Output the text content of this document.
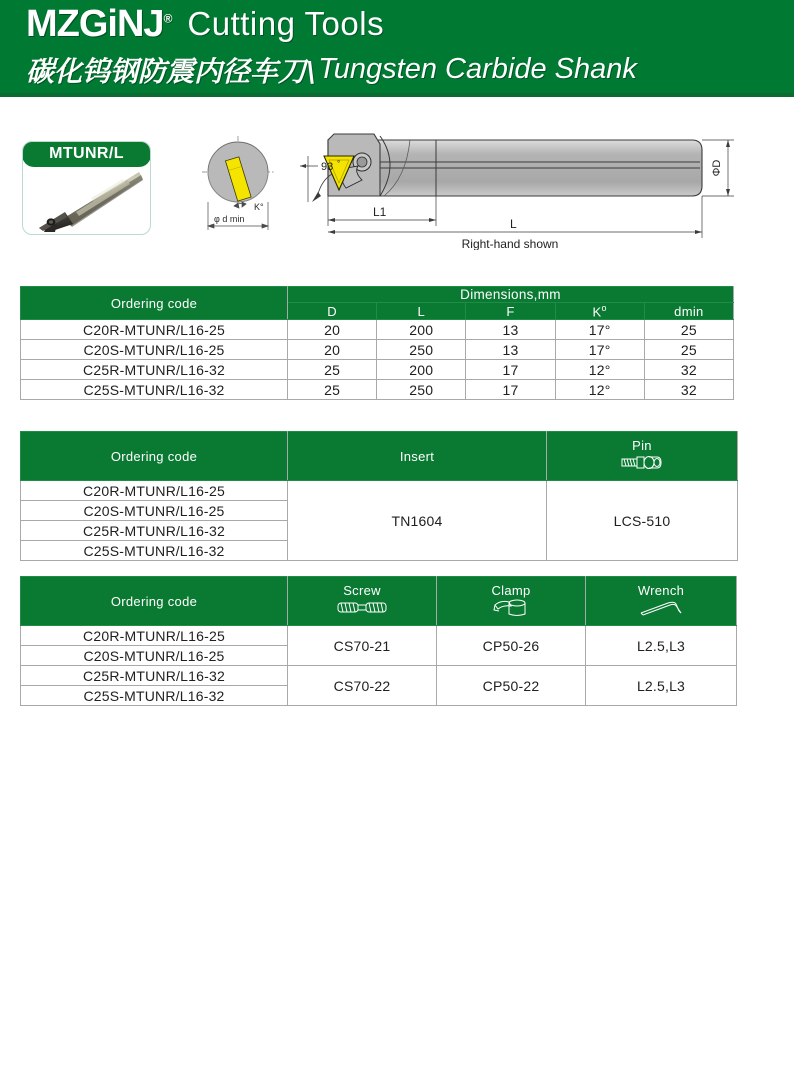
MZGiNJ® Cutting Tools
碳化钨钢防震内径车刀\ Tungsten Carbide Shank
MTUNR/L
K°
φ d min
93 °
L1
L
ΦD
Right-hand shown
Ordering code	Dimensions,mm				
	D	L	F	$K^o$	dmin
C20R-MTUNR/L16-25	20	200	13	17°	25
C20S-MTUNR/L16-25	20	250	13	17°	25
C25R-MTUNR/L16-32	25	200	17	12°	32
C25S-MTUNR/L16-32	25	250	17	12°	32
Ordering code	Insert	Pin

C20R-MTUNR/L16-25	TN1604	LCS-510
C20S-MTUNR/L16-25		
C25R-MTUNR/L16-32		
C25S-MTUNR/L16-32		
Ordering code	Screw	Clamp	Wrench

C20R-MTUNR/L16-25	CS70-21	CP50-26	L2.5,L3
C20S-MTUNR/L16-25			
C25R-MTUNR/L16-32	CS70-22	CP50-22	L2.5,L3
C25S-MTUNR/L16-32			
